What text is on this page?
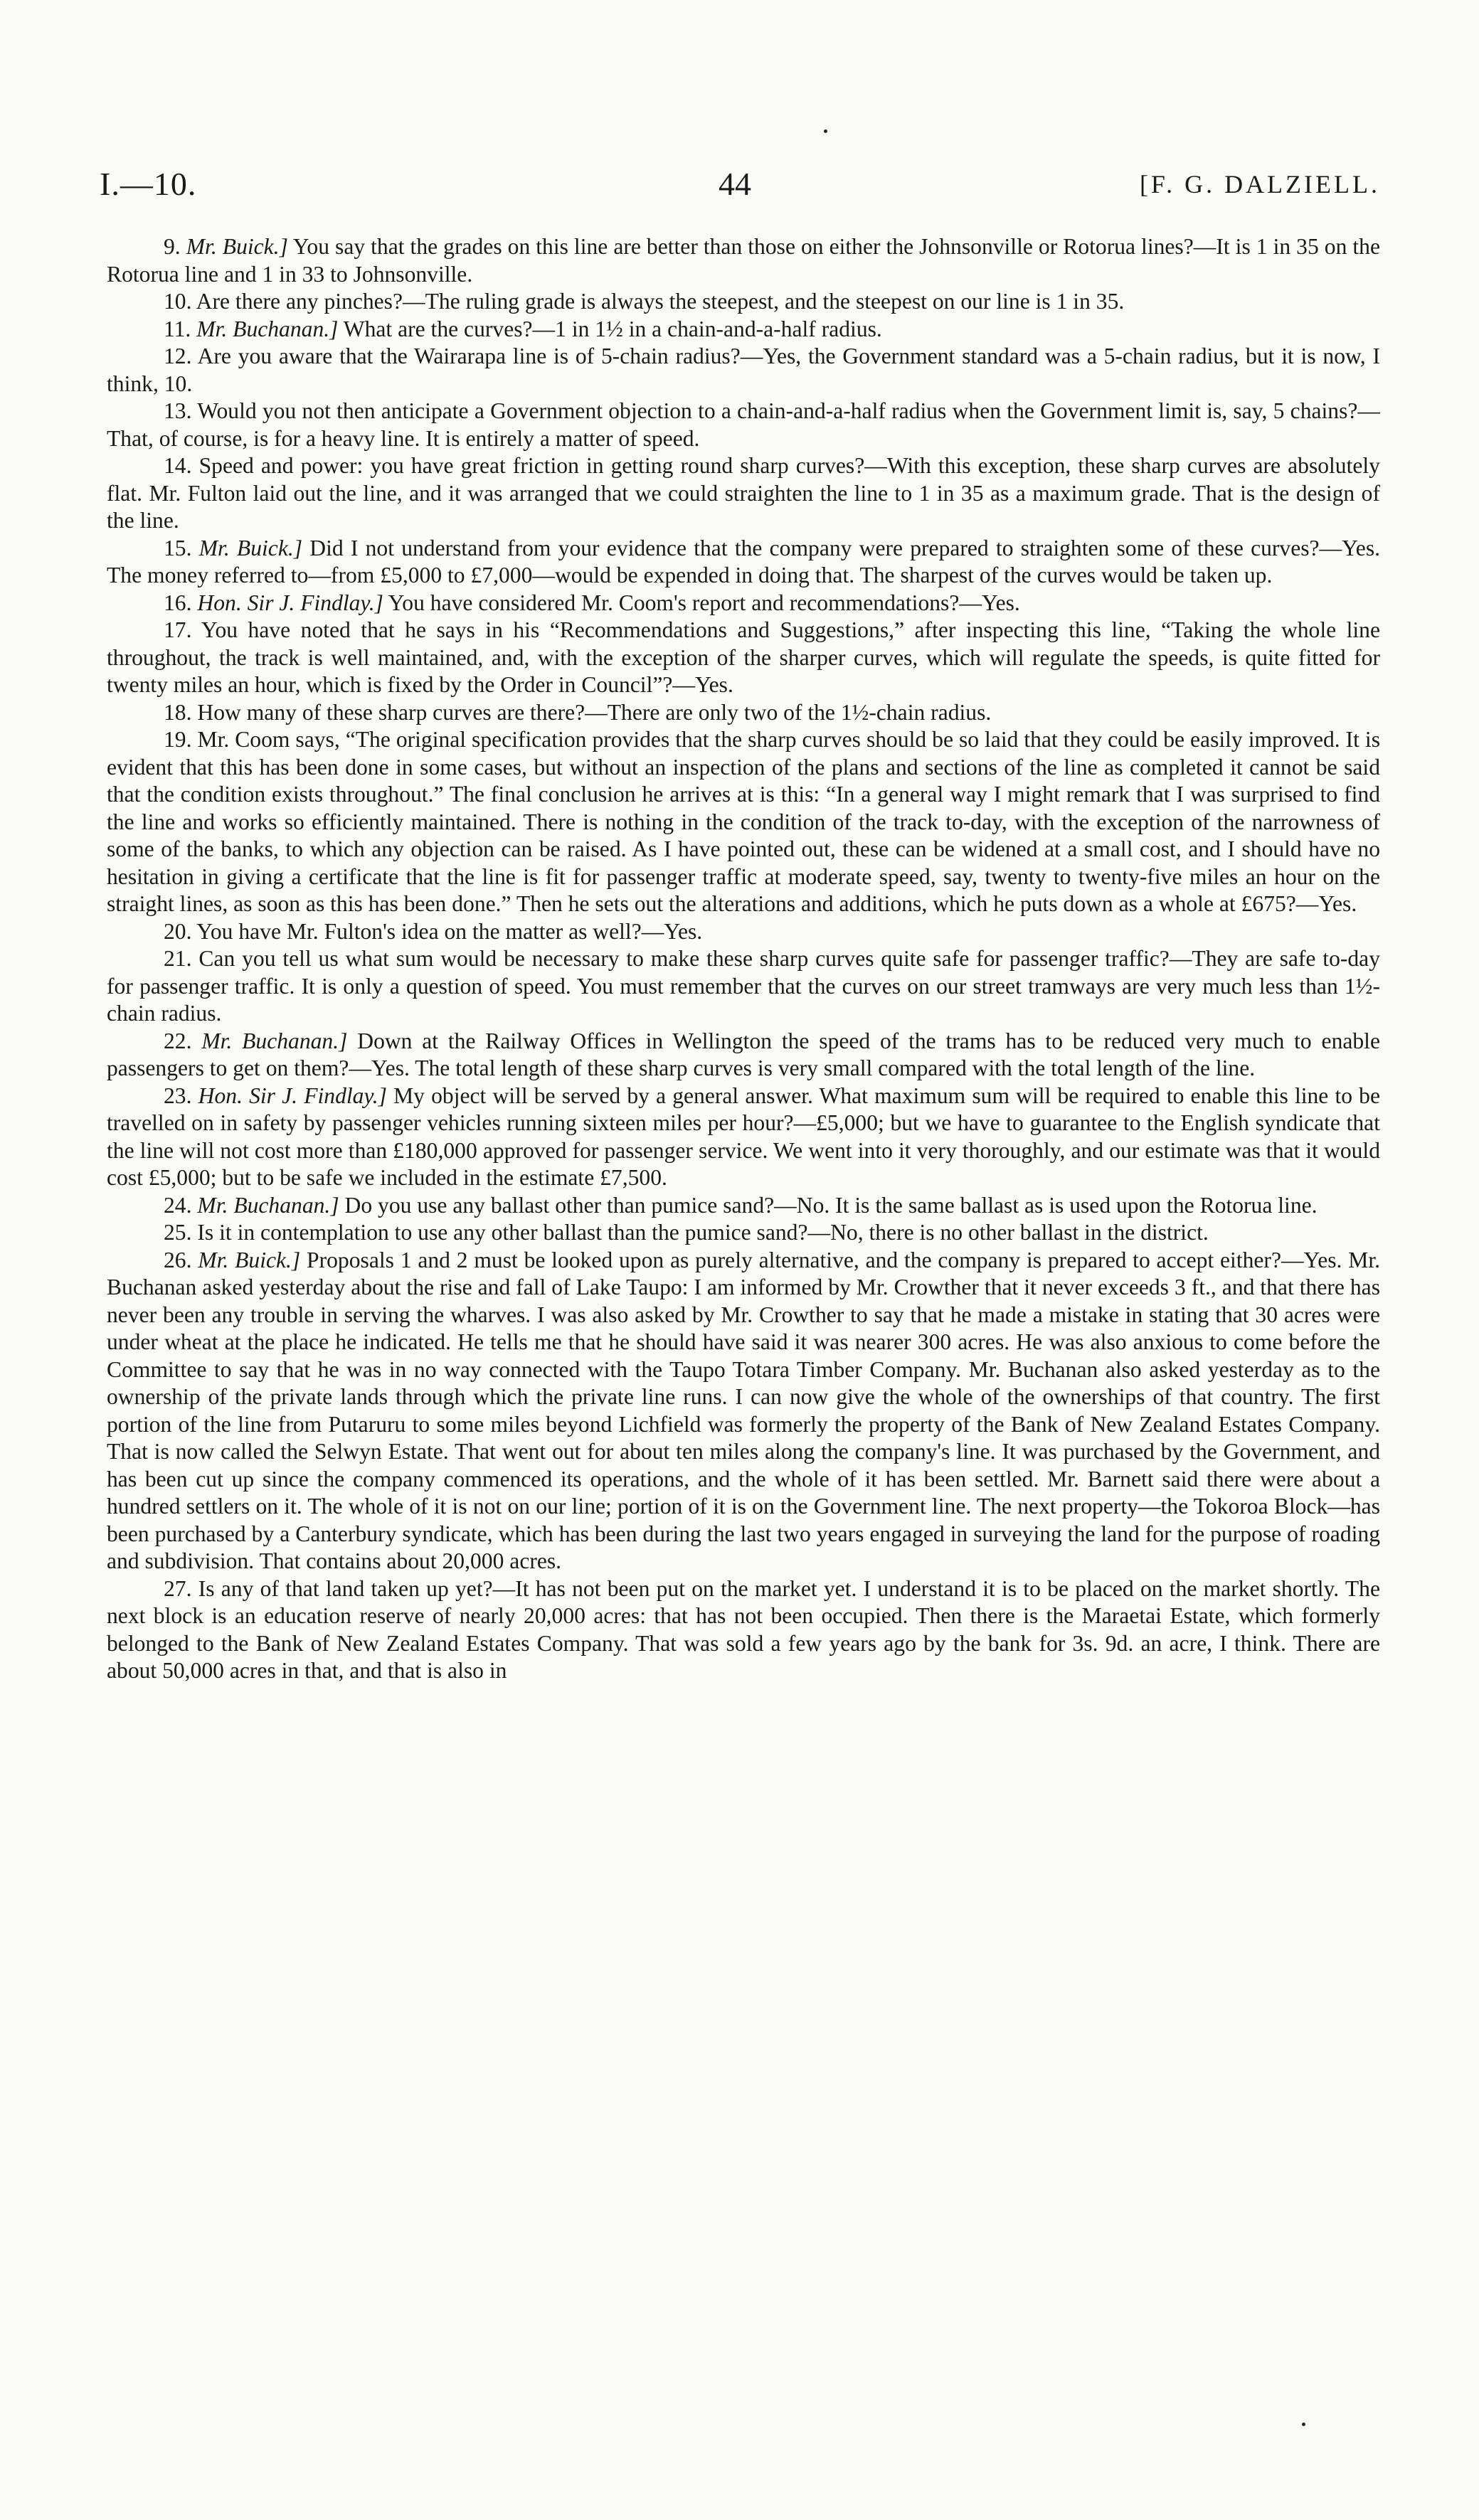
I.—10.	44	[F. G. DALZIELL.

9. Mr. Buick.] You say that the grades on this line are better than those on either the Johnsonville or Rotorua lines?—It is 1 in 35 on the Rotorua line and 1 in 33 to Johnsonville.

10. Are there any pinches?—The ruling grade is always the steepest, and the steepest on our line is 1 in 35.

11. Mr. Buchanan.] What are the curves?—1 in 1½ in a chain-and-a-half radius.

12. Are you aware that the Wairarapa line is of 5-chain radius?—Yes, the Government standard was a 5-chain radius, but it is now, I think, 10.

13. Would you not then anticipate a Government objection to a chain-and-a-half radius when the Government limit is, say, 5 chains?—That, of course, is for a heavy line. It is entirely a matter of speed.

14. Speed and power: you have great friction in getting round sharp curves?—With this exception, these sharp curves are absolutely flat. Mr. Fulton laid out the line, and it was arranged that we could straighten the line to 1 in 35 as a maximum grade. That is the design of the line.

15. Mr. Buick.] Did I not understand from your evidence that the company were prepared to straighten some of these curves?—Yes. The money referred to—from £5,000 to £7,000—would be expended in doing that. The sharpest of the curves would be taken up.

16. Hon. Sir J. Findlay.] You have considered Mr. Coom's report and recommendations?—Yes.

17. You have noted that he says in his “Recommendations and Suggestions,” after inspecting this line, “Taking the whole line throughout, the track is well maintained, and, with the exception of the sharper curves, which will regulate the speeds, is quite fitted for twenty miles an hour, which is fixed by the Order in Council”?—Yes.

18. How many of these sharp curves are there?—There are only two of the 1½-chain radius.

19. Mr. Coom says, “The original specification provides that the sharp curves should be so laid that they could be easily improved. It is evident that this has been done in some cases, but without an inspection of the plans and sections of the line as completed it cannot be said that the condition exists throughout.” The final conclusion he arrives at is this: “In a general way I might remark that I was surprised to find the line and works so efficiently maintained. There is nothing in the condition of the track to-day, with the exception of the narrowness of some of the banks, to which any objection can be raised. As I have pointed out, these can be widened at a small cost, and I should have no hesitation in giving a certificate that the line is fit for passenger traffic at moderate speed, say, twenty to twenty-five miles an hour on the straight lines, as soon as this has been done.” Then he sets out the alterations and additions, which he puts down as a whole at £675?—Yes.

20. You have Mr. Fulton's idea on the matter as well?—Yes.

21. Can you tell us what sum would be necessary to make these sharp curves quite safe for passenger traffic?—They are safe to-day for passenger traffic. It is only a question of speed. You must remember that the curves on our street tramways are very much less than 1½-chain radius.

22. Mr. Buchanan.] Down at the Railway Offices in Wellington the speed of the trams has to be reduced very much to enable passengers to get on them?—Yes. The total length of these sharp curves is very small compared with the total length of the line.

23. Hon. Sir J. Findlay.] My object will be served by a general answer. What maximum sum will be required to enable this line to be travelled on in safety by passenger vehicles running sixteen miles per hour?—£5,000; but we have to guarantee to the English syndicate that the line will not cost more than £180,000 approved for passenger service. We went into it very thoroughly, and our estimate was that it would cost £5,000; but to be safe we included in the estimate £7,500.

24. Mr. Buchanan.] Do you use any ballast other than pumice sand?—No. It is the same ballast as is used upon the Rotorua line.

25. Is it in contemplation to use any other ballast than the pumice sand?—No, there is no other ballast in the district.

26. Mr. Buick.] Proposals 1 and 2 must be looked upon as purely alternative, and the company is prepared to accept either?—Yes. Mr. Buchanan asked yesterday about the rise and fall of Lake Taupo: I am informed by Mr. Crowther that it never exceeds 3 ft., and that there has never been any trouble in serving the wharves. I was also asked by Mr. Crowther to say that he made a mistake in stating that 30 acres were under wheat at the place he indicated. He tells me that he should have said it was nearer 300 acres. He was also anxious to come before the Committee to say that he was in no way connected with the Taupo Totara Timber Company. Mr. Buchanan also asked yesterday as to the ownership of the private lands through which the private line runs. I can now give the whole of the ownerships of that country. The first portion of the line from Putaruru to some miles beyond Lichfield was formerly the property of the Bank of New Zealand Estates Company. That is now called the Selwyn Estate. That went out for about ten miles along the company's line. It was purchased by the Government, and has been cut up since the company commenced its operations, and the whole of it has been settled. Mr. Barnett said there were about a hundred settlers on it. The whole of it is not on our line; portion of it is on the Government line. The next property—the Tokoroa Block—has been purchased by a Canterbury syndicate, which has been during the last two years engaged in surveying the land for the purpose of roading and subdivision. That contains about 20,000 acres.

27. Is any of that land taken up yet?—It has not been put on the market yet. I understand it is to be placed on the market shortly. The next block is an education reserve of nearly 20,000 acres: that has not been occupied. Then there is the Maraetai Estate, which formerly belonged to the Bank of New Zealand Estates Company. That was sold a few years ago by the bank for 3s. 9d. an acre, I think. There are about 50,000 acres in that, and that is also in
